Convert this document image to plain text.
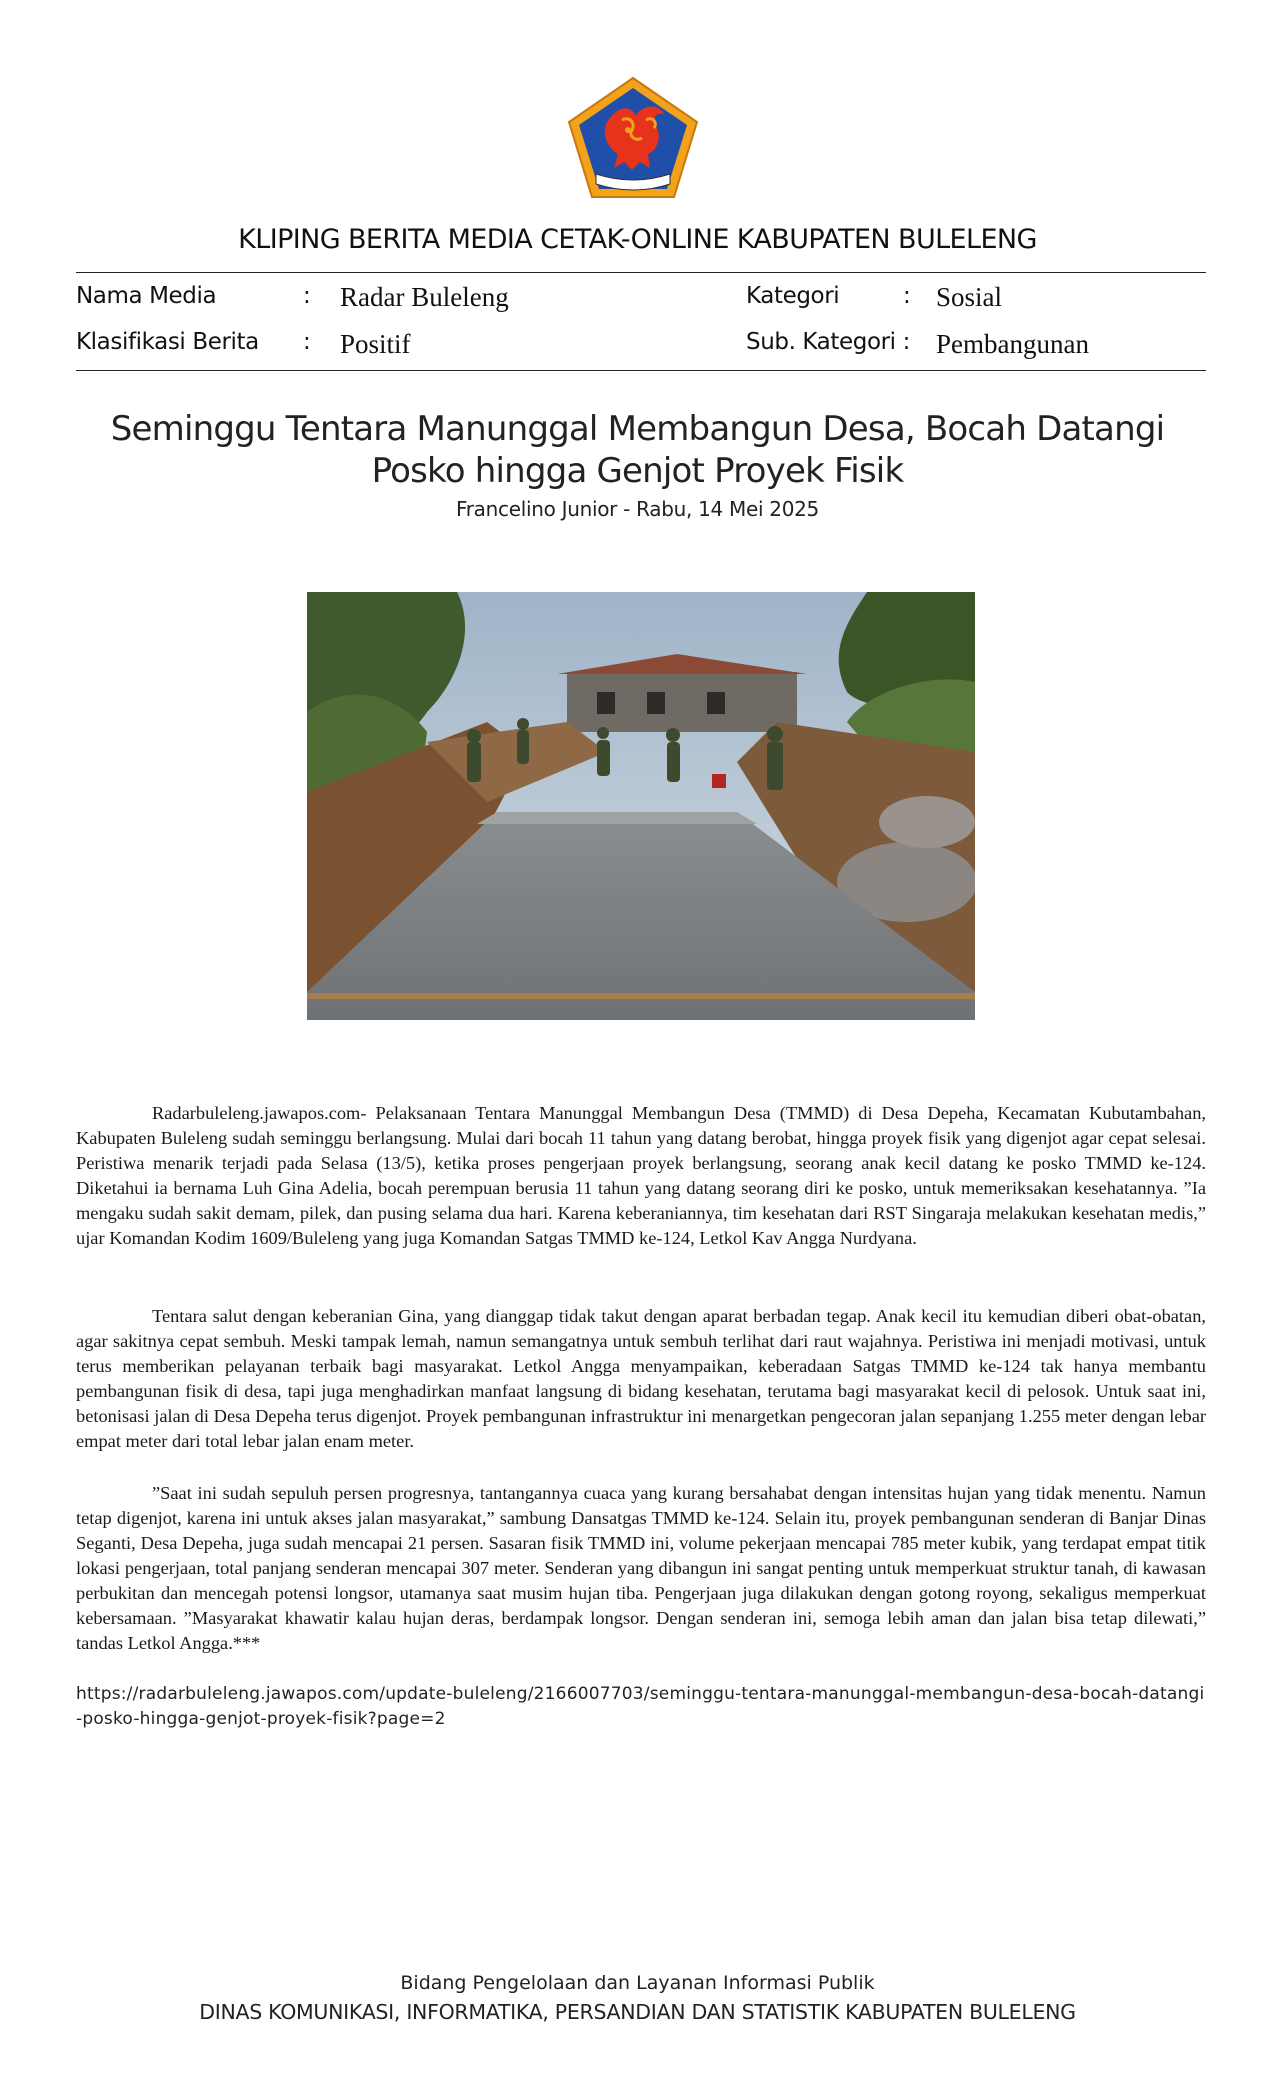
KLIPING BERITA MEDIA CETAK-ONLINE KABUPATEN BULELENG
Nama Media	: Radar Buleleng	Kategori	: Sosial
Klasifikasi Berita : Positif	Sub. Kategori : Pembangunan
Seminggu Tentara Manunggal Membangun Desa, Bocah Datangi Posko hingga Genjot Proyek Fisik
Francelino Junior - Rabu, 14 Mei 2025
Radarbuleleng.jawapos.com- Pelaksanaan Tentara Manunggal Membangun Desa (TMMD) di Desa Depeha, Kecamatan Kubutambahan, Kabupaten Buleleng sudah seminggu berlangsung. Mulai dari bocah 11 tahun yang datang berobat, hingga proyek fisik yang digenjot agar cepat selesai. Peristiwa menarik terjadi pada Selasa (13/5), ketika proses pengerjaan proyek berlangsung, seorang anak kecil datang ke posko TMMD ke-124. Diketahui ia bernama Luh Gina Adelia, bocah perempuan berusia 11 tahun yang datang seorang diri ke posko, untuk memeriksakan kesehatannya. ”Ia mengaku sudah sakit demam, pilek, dan pusing selama dua hari. Karena keberaniannya, tim kesehatan dari RST Singaraja melakukan kesehatan medis,” ujar Komandan Kodim 1609/Buleleng yang juga Komandan Satgas TMMD ke-124, Letkol Kav Angga Nurdyana.
Tentara salut dengan keberanian Gina, yang dianggap tidak takut dengan aparat berbadan tegap. Anak kecil itu kemudian diberi obat-obatan, agar sakitnya cepat sembuh. Meski tampak lemah, namun semangatnya untuk sembuh terlihat dari raut wajahnya. Peristiwa ini menjadi motivasi, untuk terus memberikan pelayanan terbaik bagi masyarakat. Letkol Angga menyampaikan, keberadaan Satgas TMMD ke-124 tak hanya membantu pembangunan fisik di desa, tapi juga menghadirkan manfaat langsung di bidang kesehatan, terutama bagi masyarakat kecil di pelosok. Untuk saat ini, betonisasi jalan di Desa Depeha terus digenjot. Proyek pembangunan infrastruktur ini menargetkan pengecoran jalan sepanjang 1.255 meter dengan lebar empat meter dari total lebar jalan enam meter.
”Saat ini sudah sepuluh persen progresnya, tantangannya cuaca yang kurang bersahabat dengan intensitas hujan yang tidak menentu. Namun tetap digenjot, karena ini untuk akses jalan masyarakat,” sambung Dansatgas TMMD ke-124. Selain itu, proyek pembangunan senderan di Banjar Dinas Seganti, Desa Depeha, juga sudah mencapai 21 persen. Sasaran fisik TMMD ini, volume pekerjaan mencapai 785 meter kubik, yang terdapat empat titik lokasi pengerjaan, total panjang senderan mencapai 307 meter. Senderan yang dibangun ini sangat penting untuk memperkuat struktur tanah, di kawasan perbukitan dan mencegah potensi longsor, utamanya saat musim hujan tiba. Pengerjaan juga dilakukan dengan gotong royong, sekaligus memperkuat kebersamaan. ”Masyarakat khawatir kalau hujan deras, berdampak longsor. Dengan senderan ini, semoga lebih aman dan jalan bisa tetap dilewati,” tandas Letkol Angga.***
https://radarbuleleng.jawapos.com/update-buleleng/2166007703/seminggu-tentara-manunggal-membangun-desa-bocah-datangi-posko-hingga-genjot-proyek-fisik?page=2
Bidang Pengelolaan dan Layanan Informasi Publik
DINAS KOMUNIKASI, INFORMATIKA, PERSANDIAN DAN STATISTIK KABUPATEN BULELENG
